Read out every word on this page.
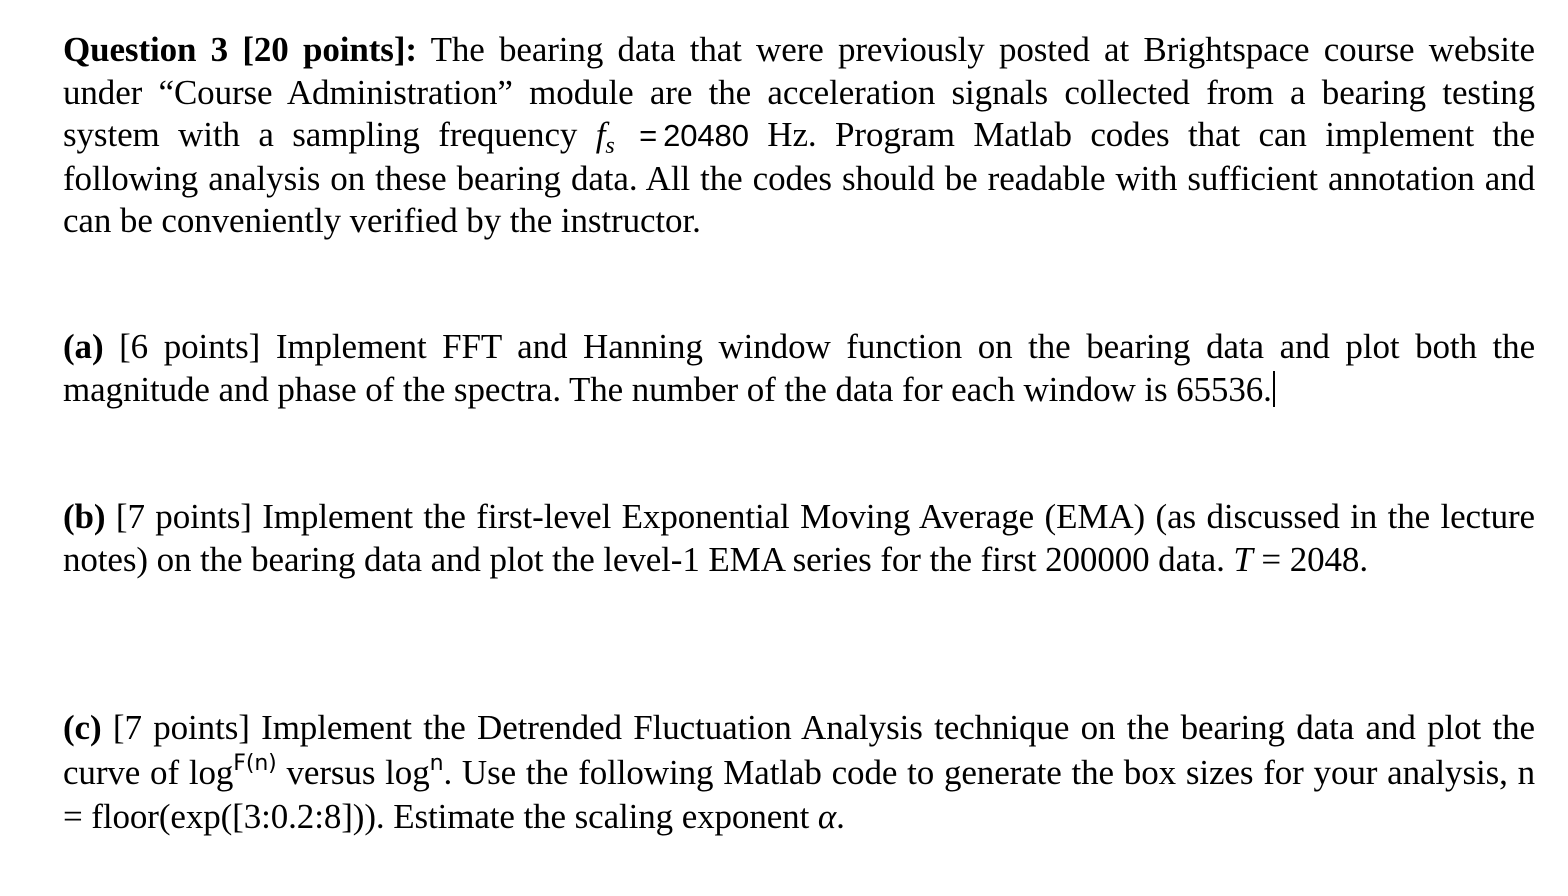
Question 3 [20 points]: The bearing data that were previously posted at Brightspace course website under “Course Administration” module are the acceleration signals collected from a bearing testing system with a sampling frequency $f_s = 20480$ Hz. Program Matlab codes that can implement the following analysis on these bearing data. All the codes should be readable with sufficient annotation and can be conveniently verified by the instructor.

(a) [6 points] Implement FFT and Hanning window function on the bearing data and plot both the magnitude and phase of the spectra. The number of the data for each window is 65536.

(b) [7 points] Implement the first-level Exponential Moving Average (EMA) (as discussed in the lecture notes) on the bearing data and plot the level-1 EMA series for the first 200000 data. T = 2048.

(c) [7 points] Implement the Detrended Fluctuation Analysis technique on the bearing data and plot the curve of $\log^{F(n)}$ versus $\log^n$. Use the following Matlab code to generate the box sizes for your analysis, n = floor(exp([3:0.2:8])). Estimate the scaling exponent α.
